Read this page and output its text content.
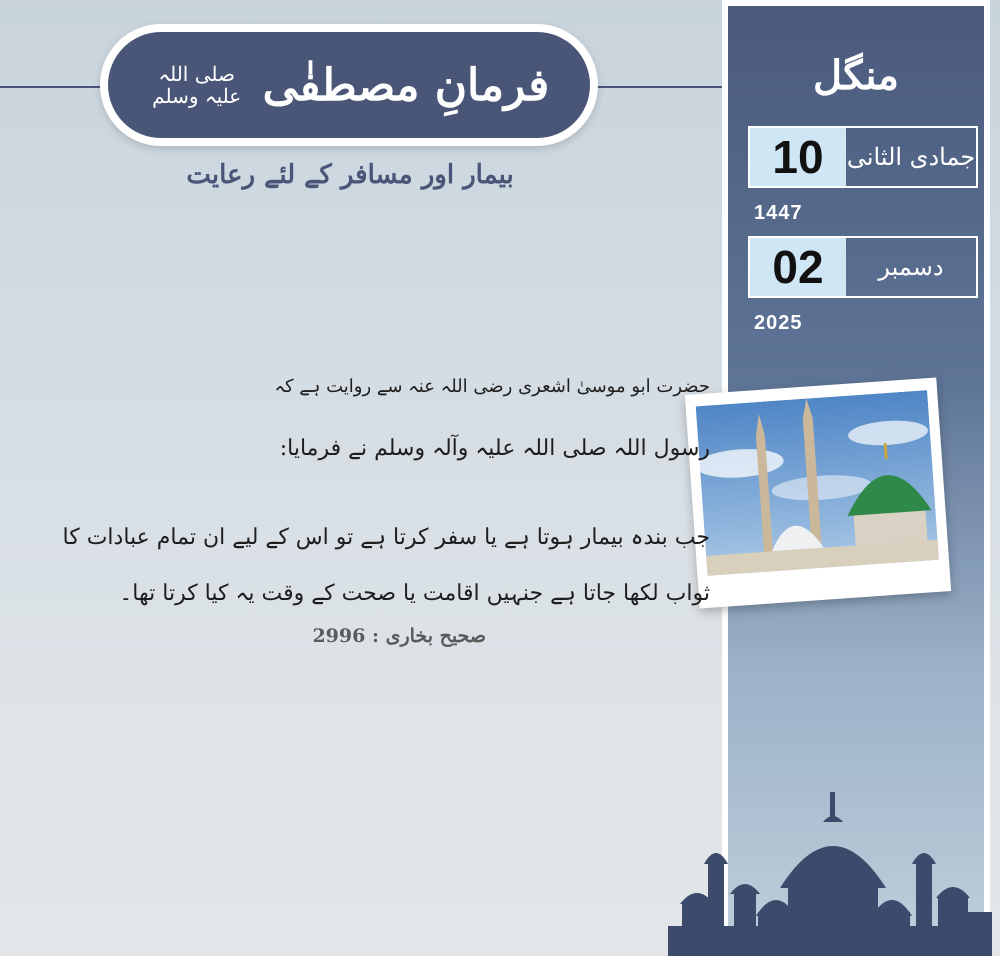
فرمانِ مصطفٰی
صلی اللہ علیہ وسلم
بیمار اور مسافر کے لئے رعایت
منگل
10 جمادی الثانی
1447
02	دسمبر
2025
حضرت ابو موسیٰ اشعری رضی اللہ عنہ سے روایت ہے کہ
رسول اللہ صلی اللہ علیہ وآلہ وسلم نے فرمایا:
جب بندہ بیمار ہوتا ہے یا سفر کرتا ہے تو اس کے لیے ان تمام عبادات کا ثواب لکھا جاتا ہے جنہیں اقامت یا صحت کے وقت یہ کیا کرتا تھا۔
صحیح بخاری : 2996
